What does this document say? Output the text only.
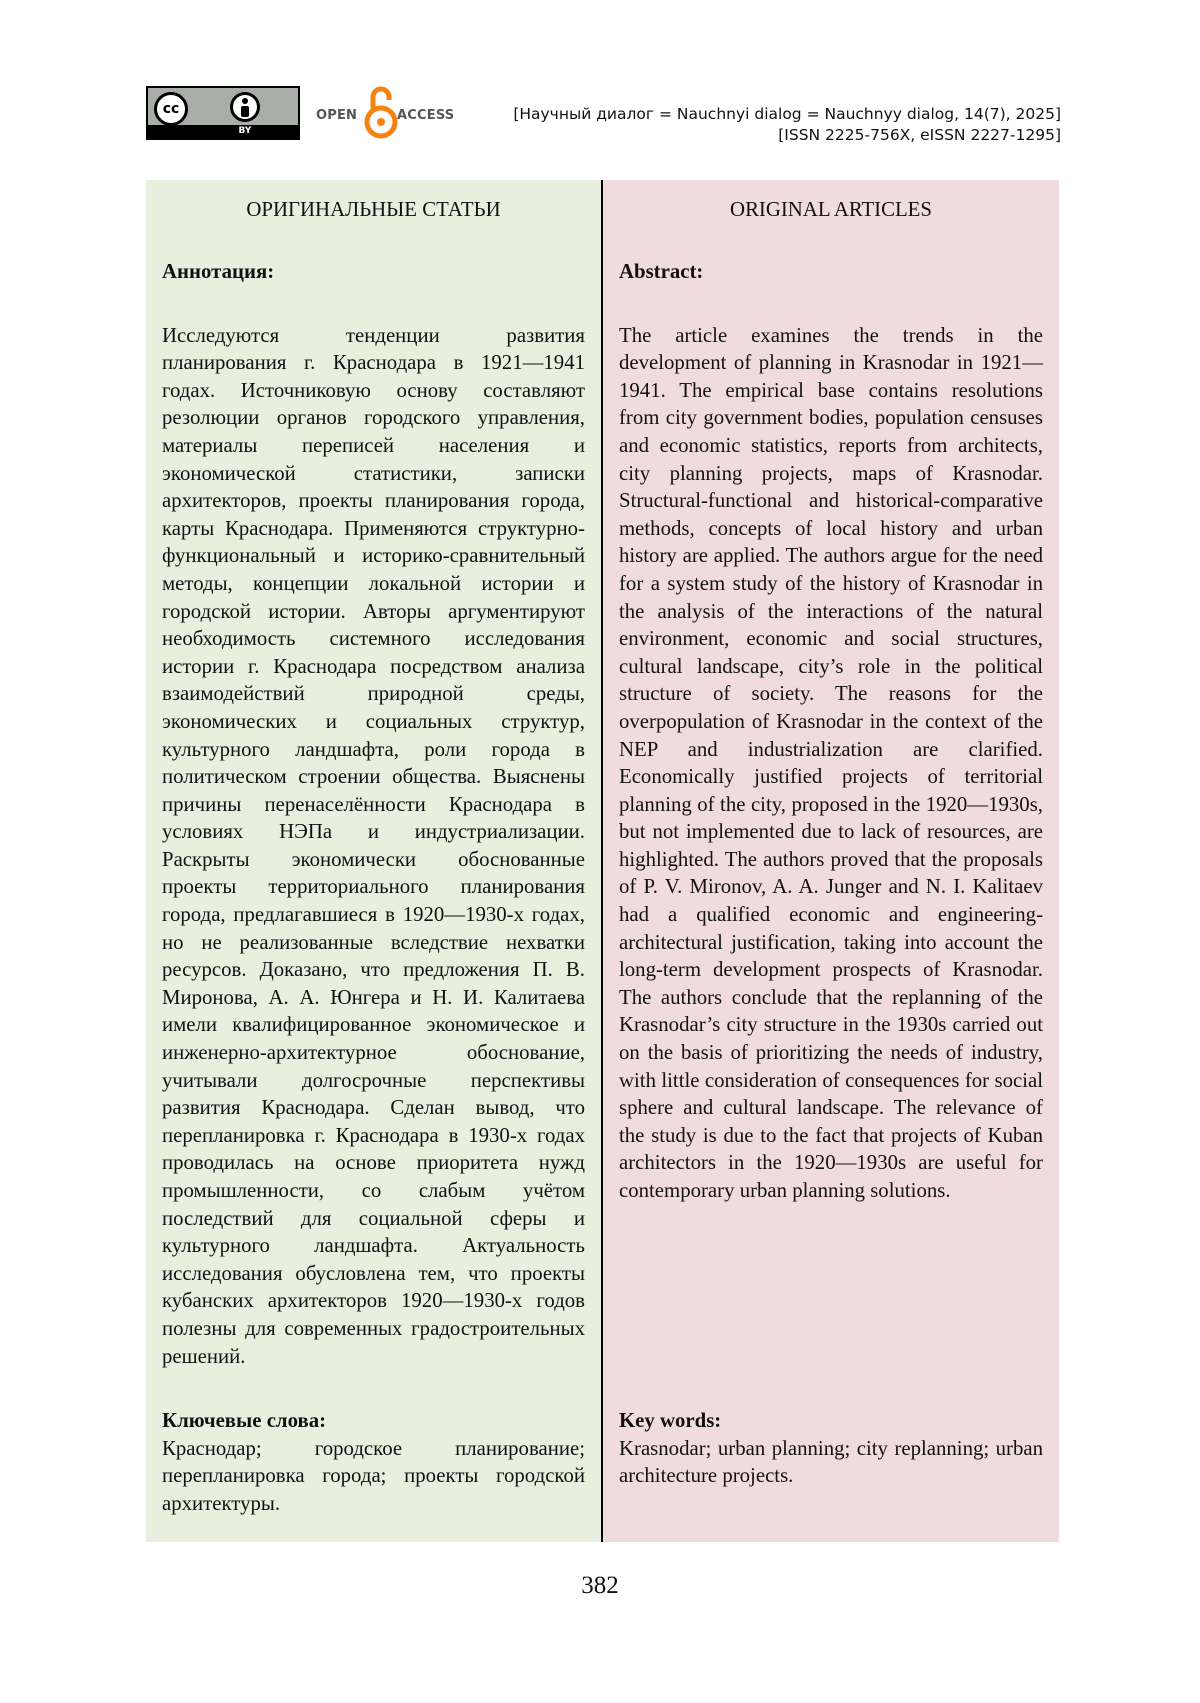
cc
BY
OPEN	ACCESS	[Научный диалог = Nauchnyi dialog = Nauchnyy dialog, 14(7), 2025]
[ISSN 2225-756X, eISSN 2227-1295]
ОРИГИНАЛЬНЫЕ СТАТЬИ
Аннотация:
Исследуются тенденции развития планирования г. Краснодара в 1921—1941 годах. Источниковую основу составляют резолюции органов городского управления, материалы переписей населения и экономической статистики, записки архитекторов, проекты планирования города, карты Краснодара. Применяются структурно-функциональный и историко-сравнительный методы, концепции локальной истории и городской истории. Авторы аргументируют необходимость системного исследования истории г. Краснодара посредством анализа взаимодействий природной среды, экономических и социальных структур, культурного ландшафта, роли города в политическом строении общества. Выяснены причины перенаселённости Краснодара в условиях НЭПа и индустриализации. Раскрыты экономически обоснованные проекты территориального планирования города, предлагавшиеся в 1920—1930-х годах, но не реализованные вследствие нехватки ресурсов. Доказано, что предложения П. В. Миронова, А. А. Юнгера и Н. И. Калитаева имели квалифицированное экономическое и инженерно-архитектурное обоснование, учитывали долгосрочные перспективы развития Краснодара. Сделан вывод, что перепланировка г. Краснодара в 1930-х годах проводилась на основе приоритета нужд промышленности, со слабым учётом последствий для социальной сферы и культурного ландшафта. Актуальность исследования обусловлена тем, что проекты кубанских архитекторов 1920—1930-х годов полезны для современных градостроительных решений.
Ключевые слова:
Краснодар; городское планирование; перепланировка города; проекты городской архитектуры.
ORIGINAL ARTICLES
Abstract:
The article examines the trends in the development of planning in Krasnodar in 1921—1941. The empirical base contains resolutions from city government bodies, population censuses and economic statistics, reports from architects, city planning projects, maps of Krasnodar. Structural-functional and historical-comparative methods, concepts of local history and urban history are applied. The authors argue for the need for a system study of the history of Krasnodar in the analysis of the interactions of the natural environment, economic and social structures, cultural landscape, city’s role in the political structure of society. The reasons for the overpopulation of Krasnodar in the context of the NEP and industrialization are clarified. Economically justified projects of territorial planning of the city, proposed in the 1920—1930s, but not implemented due to lack of resources, are highlighted. The authors proved that the proposals of P. V. Mironov, A. A. Junger and N. I. Kalitaev had a qualified economic and engineering-architectural justification, taking into account the long-term development prospects of Krasnodar. The authors conclude that the replanning of the Krasnodar’s city structure in the 1930s carried out on the basis of prioritizing the needs of industry, with little consideration of consequences for social sphere and cultural landscape. The relevance of the study is due to the fact that projects of Kuban architectors in the 1920—1930s are useful for contemporary urban planning solutions.
Key words:
Krasnodar; urban planning; city replanning; urban architecture projects.
382
